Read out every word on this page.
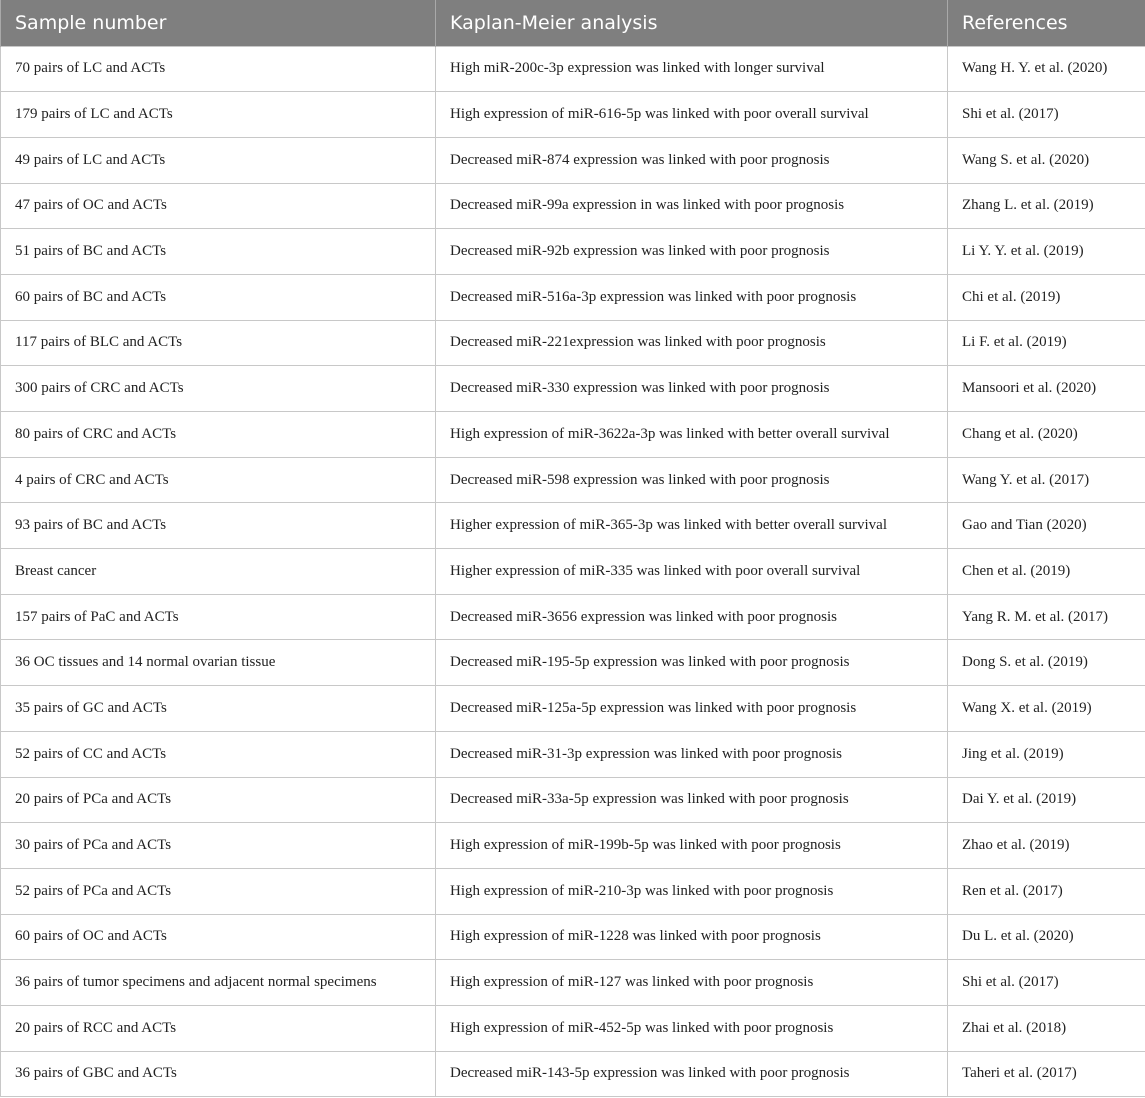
Sample number	Kaplan-Meier analysis	References
70 pairs of LC and ACTs	High miR-200c-3p expression was linked with longer survival	Wang H. Y. et al. (2020)
179 pairs of LC and ACTs	High expression of miR-616-5p was linked with poor overall survival	Shi et al. (2017)
49 pairs of LC and ACTs	Decreased miR-874 expression was linked with poor prognosis	Wang S. et al. (2020)
47 pairs of OC and ACTs	Decreased miR-99a expression in was linked with poor prognosis	Zhang L. et al. (2019)
51 pairs of BC and ACTs	Decreased miR-92b expression was linked with poor prognosis	Li Y. Y. et al. (2019)
60 pairs of BC and ACTs	Decreased miR-516a-3p expression was linked with poor prognosis	Chi et al. (2019)
117 pairs of BLC and ACTs	Decreased miR-221expression was linked with poor prognosis	Li F. et al. (2019)
300 pairs of CRC and ACTs	Decreased miR-330 expression was linked with poor prognosis	Mansoori et al. (2020)
80 pairs of CRC and ACTs	High expression of miR-3622a-3p was linked with better overall survival	Chang et al. (2020)
4 pairs of CRC and ACTs	Decreased miR-598 expression was linked with poor prognosis	Wang Y. et al. (2017)
93 pairs of BC and ACTs	Higher expression of miR-365-3p was linked with better overall survival	Gao and Tian (2020)
Breast cancer	Higher expression of miR-335 was linked with poor overall survival	Chen et al. (2019)
157 pairs of PaC and ACTs	Decreased miR-3656 expression was linked with poor prognosis	Yang R. M. et al. (2017)
36 OC tissues and 14 normal ovarian tissue	Decreased miR-195-5p expression was linked with poor prognosis	Dong S. et al. (2019)
35 pairs of GC and ACTs	Decreased miR-125a-5p expression was linked with poor prognosis	Wang X. et al. (2019)
52 pairs of CC and ACTs	Decreased miR-31-3p expression was linked with poor prognosis	Jing et al. (2019)
20 pairs of PCa and ACTs	Decreased miR-33a-5p expression was linked with poor prognosis	Dai Y. et al. (2019)
30 pairs of PCa and ACTs	High expression of miR-199b-5p was linked with poor prognosis	Zhao et al. (2019)
52 pairs of PCa and ACTs	High expression of miR-210-3p was linked with poor prognosis	Ren et al. (2017)
60 pairs of OC and ACTs	High expression of miR-1228 was linked with poor prognosis	Du L. et al. (2020)
36 pairs of tumor specimens and adjacent normal specimens	High expression of miR-127 was linked with poor prognosis	Shi et al. (2017)
20 pairs of RCC and ACTs	High expression of miR-452-5p was linked with poor prognosis	Zhai et al. (2018)
36 pairs of GBC and ACTs	Decreased miR-143-5p expression was linked with poor prognosis	Taheri et al. (2017)
